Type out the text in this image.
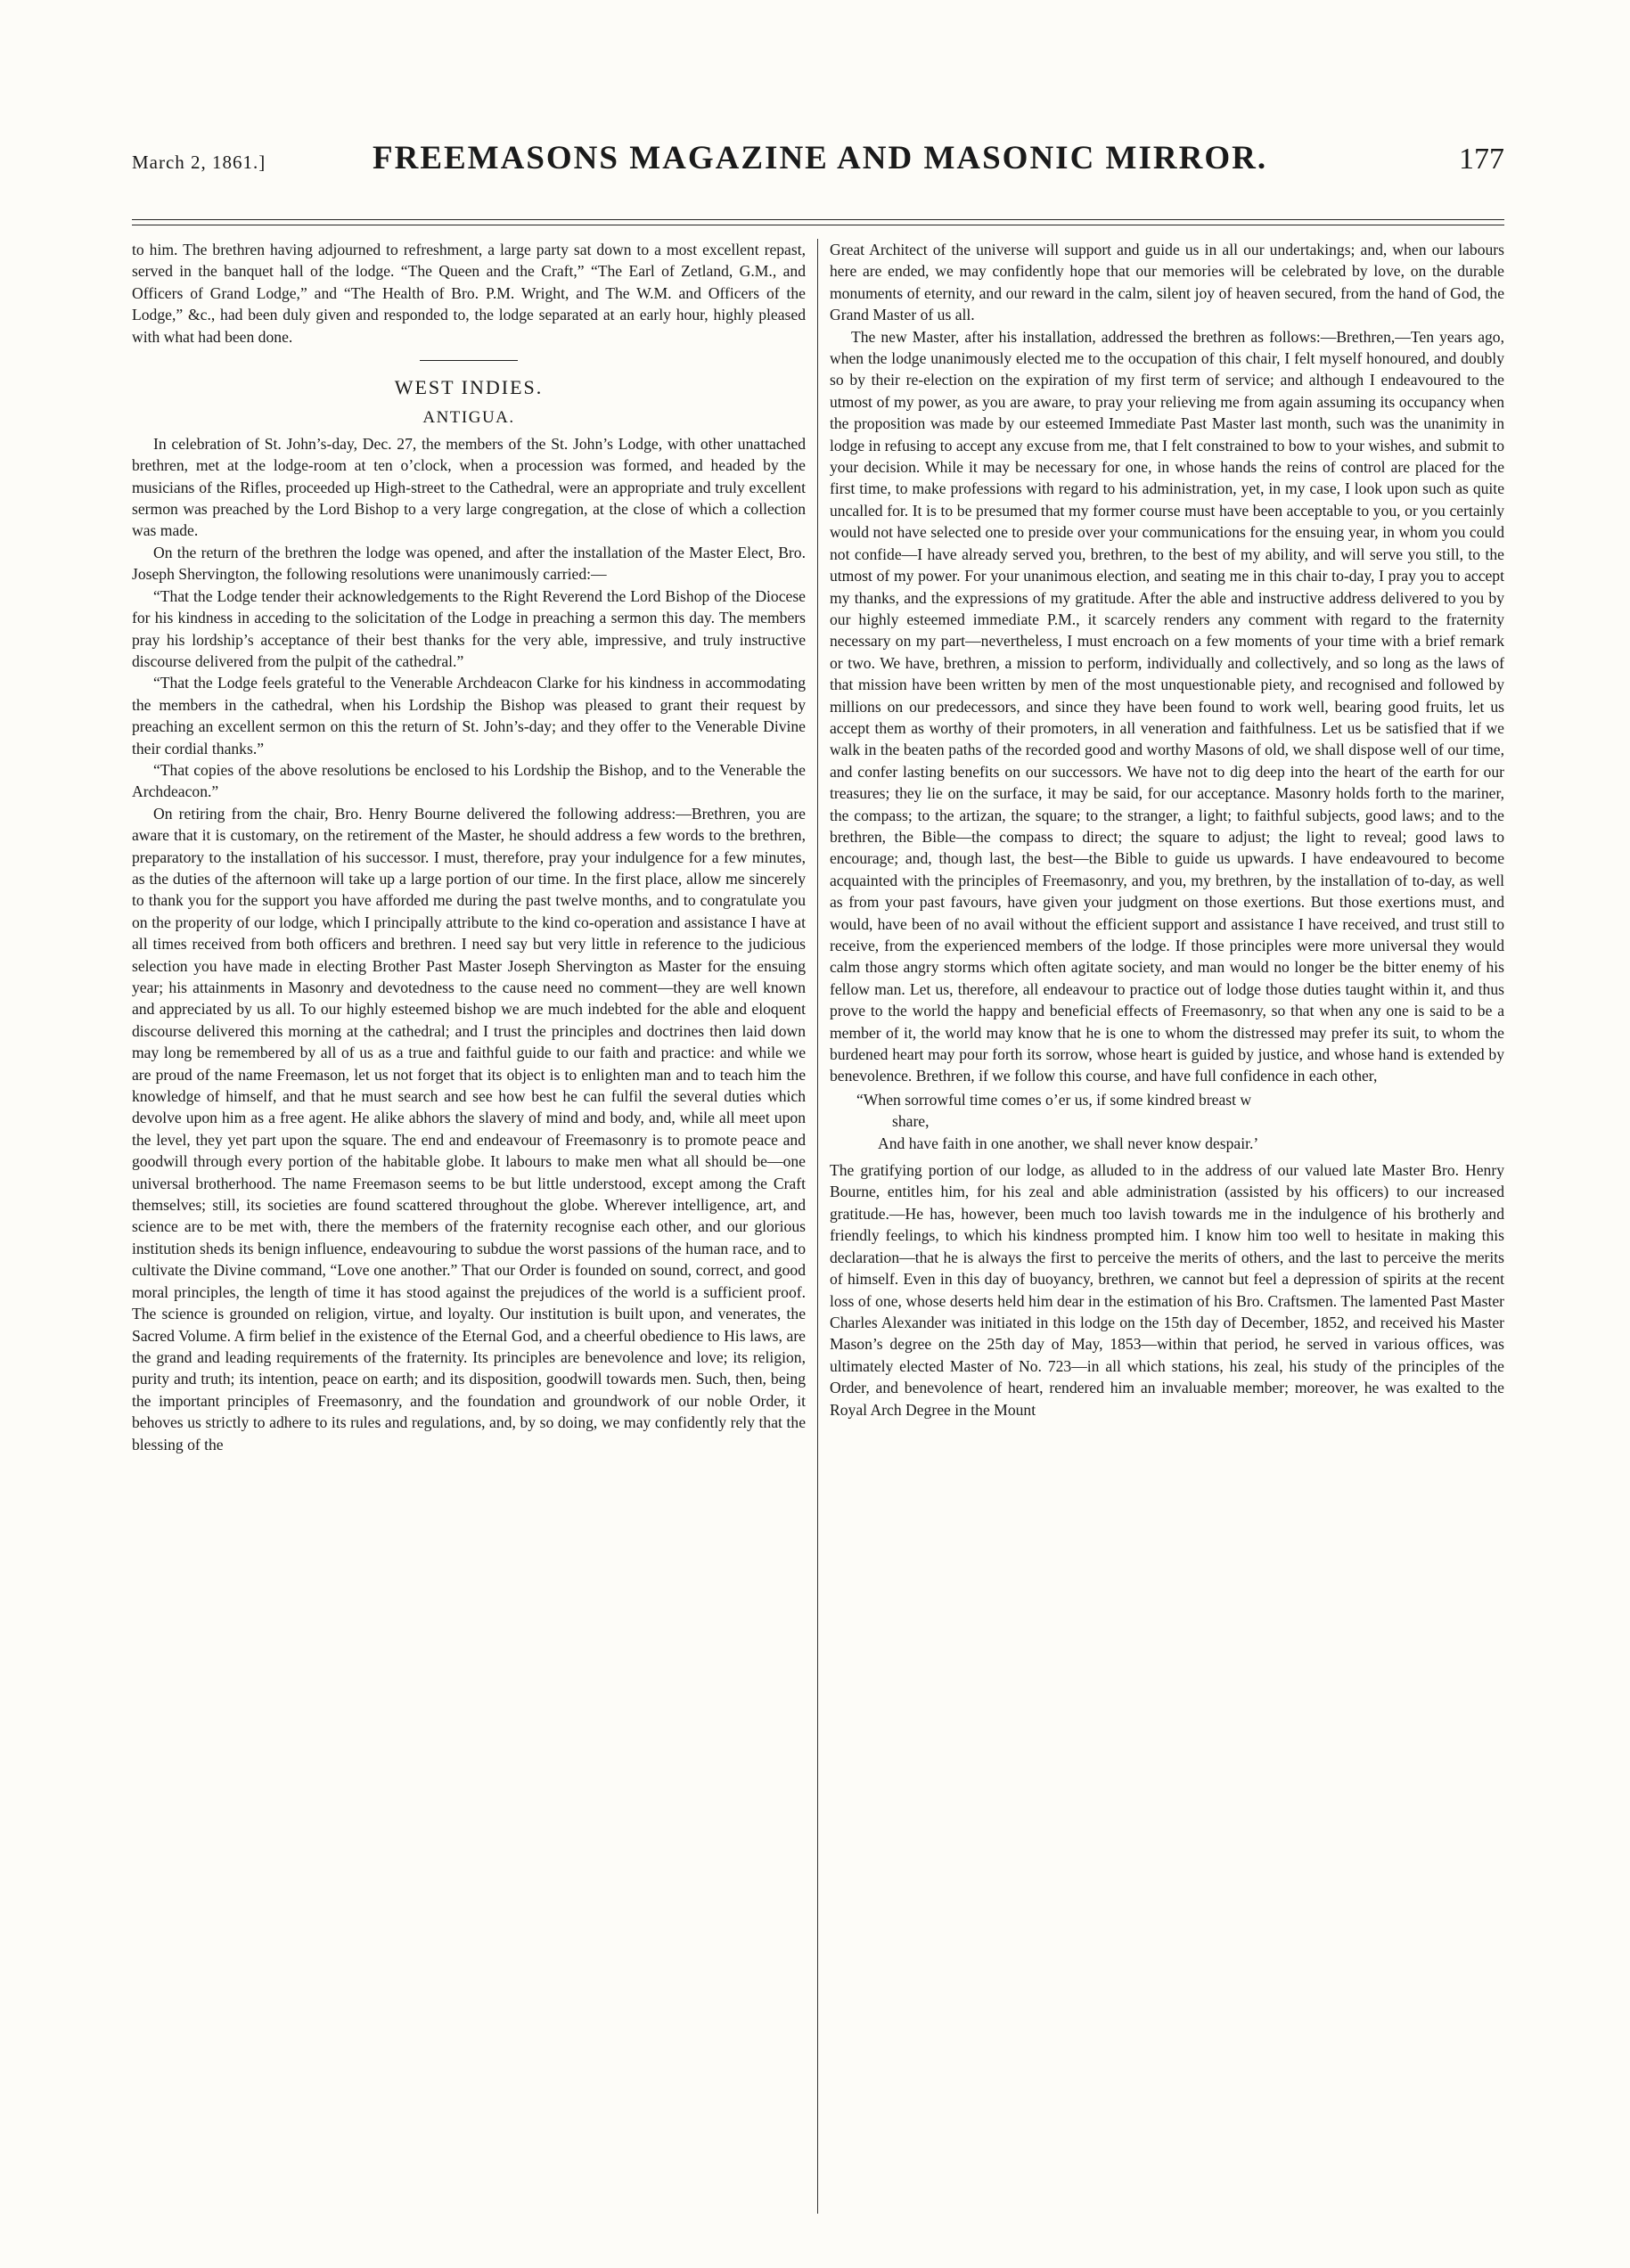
March 2, 1861.]	FREEMASONS MAGAZINE AND MASONIC MIRROR.	177

to him. The brethren having adjourned to refreshment, a large party sat down to a most excellent repast, served in the banquet hall of the lodge. “The Queen and the Craft,” “The Earl of Zetland, G.M., and Officers of Grand Lodge,” and “The Health of Bro. P.M. Wright, and The W.M. and Officers of the Lodge,” &c., had been duly given and responded to, the lodge separated at an early hour, highly pleased with what had been done.

WEST INDIES.
ANTIGUA.

In celebration of St. John’s-day, Dec. 27, the members of the St. John’s Lodge, with other unattached brethren, met at the lodge-room at ten o’clock, when a procession was formed, and headed by the musicians of the Rifles, proceeded up High-street to the Cathedral, were an appropriate and truly excellent sermon was preached by the Lord Bishop to a very large congregation, at the close of which a collection was made.

On the return of the brethren the lodge was opened, and after the installation of the Master Elect, Bro. Joseph Shervington, the following resolutions were unanimously carried:—

“That the Lodge tender their acknowledgements to the Right Reverend the Lord Bishop of the Diocese for his kindness in acceding to the solicitation of the Lodge in preaching a sermon this day. The members pray his lordship’s acceptance of their best thanks for the very able, impressive, and truly instructive discourse delivered from the pulpit of the cathedral.”

“That the Lodge feels grateful to the Venerable Archdeacon Clarke for his kindness in accommodating the members in the cathedral, when his Lordship the Bishop was pleased to grant their request by preaching an excellent sermon on this the return of St. John’s-day; and they offer to the Venerable Divine their cordial thanks.”

“That copies of the above resolutions be enclosed to his Lordship the Bishop, and to the Venerable the Archdeacon.”

On retiring from the chair, Bro. Henry Bourne delivered the following address:—Brethren, you are aware that it is customary, on the retirement of the Master, he should address a few words to the brethren, preparatory to the installation of his successor. I must, therefore, pray your indulgence for a few minutes, as the duties of the afternoon will take up a large portion of our time. In the first place, allow me sincerely to thank you for the support you have afforded me during the past twelve months, and to congratulate you on the properity of our lodge, which I principally attribute to the kind co-operation and assistance I have at all times received from both officers and brethren. I need say but very little in reference to the judicious selection you have made in electing Brother Past Master Joseph Shervington as Master for the ensuing year; his attainments in Masonry and devotedness to the cause need no comment—they are well known and appreciated by us all. To our highly esteemed bishop we are much indebted for the able and eloquent discourse delivered this morning at the cathedral; and I trust the principles and doctrines then laid down may long be remembered by all of us as a true and faithful guide to our faith and practice: and while we are proud of the name Freemason, let us not forget that its object is to enlighten man and to teach him the knowledge of himself, and that he must search and see how best he can fulfil the several duties which devolve upon him as a free agent. He alike abhors the slavery of mind and body, and, while all meet upon the level, they yet part upon the square. The end and endeavour of Freemasonry is to promote peace and goodwill through every portion of the habitable globe. It labours to make men what all should be—one universal brotherhood. The name Freemason seems to be but little understood, except among the Craft themselves; still, its societies are found scattered throughout the globe. Wherever intelligence, art, and science are to be met with, there the members of the fraternity recognise each other, and our glorious institution sheds its benign influence, endeavouring to subdue the worst passions of the human race, and to cultivate the Divine command, “Love one another.” That our Order is founded on sound, correct, and good moral principles, the length of time it has stood against the prejudices of the world is a sufficient proof. The science is grounded on religion, virtue, and loyalty. Our institution is built upon, and venerates, the Sacred Volume. A firm belief in the existence of the Eternal God, and a cheerful obedience to His laws, are the grand and leading requirements of the fraternity. Its principles are benevolence and love; its religion, purity and truth; its intention, peace on earth; and its disposition, goodwill towards men. Such, then, being the important principles of Freemasonry, and the foundation and groundwork of our noble Order, it behoves us strictly to adhere to its rules and regulations, and, by so doing, we may confidently rely that the blessing of the

Great Architect of the universe will support and guide us in all our undertakings; and, when our labours here are ended, we may confidently hope that our memories will be celebrated by love, on the durable monuments of eternity, and our reward in the calm, silent joy of heaven secured, from the hand of God, the Grand Master of us all.

The new Master, after his installation, addressed the brethren as follows:—Brethren,—Ten years ago, when the lodge unanimously elected me to the occupation of this chair, I felt myself honoured, and doubly so by their re-election on the expiration of my first term of service; and although I endeavoured to the utmost of my power, as you are aware, to pray your relieving me from again assuming its occupancy when the proposition was made by our esteemed Immediate Past Master last month, such was the unanimity in lodge in refusing to accept any excuse from me, that I felt constrained to bow to your wishes, and submit to your decision. While it may be necessary for one, in whose hands the reins of control are placed for the first time, to make professions with regard to his administration, yet, in my case, I look upon such as quite uncalled for. It is to be presumed that my former course must have been acceptable to you, or you certainly would not have selected one to preside over your communications for the ensuing year, in whom you could not confide—I have already served you, brethren, to the best of my ability, and will serve you still, to the utmost of my power. For your unanimous election, and seating me in this chair to-day, I pray you to accept my thanks, and the expressions of my gratitude. After the able and instructive address delivered to you by our highly esteemed immediate P.M., it scarcely renders any comment with regard to the fraternity necessary on my part—nevertheless, I must encroach on a few moments of your time with a brief remark or two. We have, brethren, a mission to perform, individually and collectively, and so long as the laws of that mission have been written by men of the most unquestionable piety, and recognised and followed by millions on our predecessors, and since they have been found to work well, bearing good fruits, let us accept them as worthy of their promoters, in all veneration and faithfulness. Let us be satisfied that if we walk in the beaten paths of the recorded good and worthy Masons of old, we shall dispose well of our time, and confer lasting benefits on our successors. We have not to dig deep into the heart of the earth for our treasures; they lie on the surface, it may be said, for our acceptance. Masonry holds forth to the mariner, the compass; to the artizan, the square; to the stranger, a light; to faithful subjects, good laws; and to the brethren, the Bible—the compass to direct; the square to adjust; the light to reveal; good laws to encourage; and, though last, the best—the Bible to guide us upwards. I have endeavoured to become acquainted with the principles of Freemasonry, and you, my brethren, by the installation of to-day, as well as from your past favours, have given your judgment on those exertions. But those exertions must, and would, have been of no avail without the efficient support and assistance I have received, and trust still to receive, from the experienced members of the lodge. If those principles were more universal they would calm those angry storms which often agitate society, and man would no longer be the bitter enemy of his fellow man. Let us, therefore, all endeavour to practice out of lodge those duties taught within it, and thus prove to the world the happy and beneficial effects of Freemasonry, so that when any one is said to be a member of it, the world may know that he is one to whom the distressed may prefer its suit, to whom the burdened heart may pour forth its sorrow, whose heart is guided by justice, and whose hand is extended by benevolence. Brethren, if we follow this course, and have full confidence in each other,

“When sorrowful time comes o’er us, if some kindred breast w
share,
And have faith in one another, we shall never know despair.’

The gratifying portion of our lodge, as alluded to in the address of our valued late Master Bro. Henry Bourne, entitles him, for his zeal and able administration (assisted by his officers) to our increased gratitude.—He has, however, been much too lavish towards me in the indulgence of his brotherly and friendly feelings, to which his kindness prompted him. I know him too well to hesitate in making this declaration—that he is always the first to perceive the merits of others, and the last to perceive the merits of himself. Even in this day of buoyancy, brethren, we cannot but feel a depression of spirits at the recent loss of one, whose deserts held him dear in the estimation of his Bro. Craftsmen. The lamented Past Master Charles Alexander was initiated in this lodge on the 15th day of December, 1852, and received his Master Mason’s degree on the 25th day of May, 1853—within that period, he served in various offices, was ultimately elected Master of No. 723—in all which stations, his zeal, his study of the principles of the Order, and benevolence of heart, rendered him an invaluable member; moreover, he was exalted to the Royal Arch Degree in the Mount
